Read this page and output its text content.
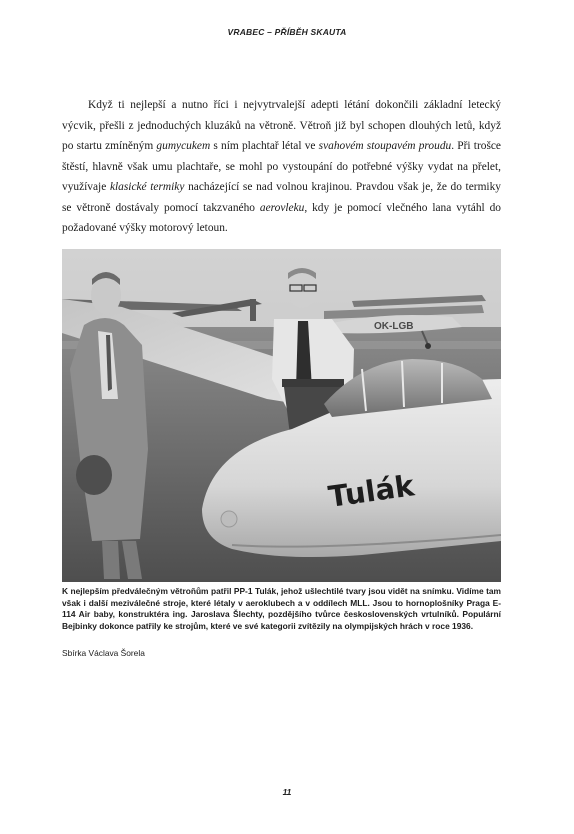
VRABEC – PŘÍBĚH SKAUTA

Když ti nejlepší a nutno říci i nejvytrvalejší adepti létání dokončili základní letecký výcvik, přešli z jednoduchých kluzáků na větroně. Větroň již byl schopen dlouhých letů, když po startu zmíněným gumycukem s ním plachtař létal ve svahovém stoupavém proudu. Při trošce štěstí, hlavně však umu plachtaře, se mohl po vystoupání do potřebné výšky vydat na přelet, využívaje klasické termiky nacházející se nad volnou krajinou. Pravdou však je, že do termiky se větroně dostávaly pomocí takzvaného aerovleku, kdy je pomocí vlečného lana vytáhl do požadované výšky motorový letoun.

OK-LGB
Tulák

K nejlepším předválečným větroňům patřil PP-1 Tulák, jehož ušlechtilé tvary jsou vidět na snímku. Vidíme tam však i další meziválečné stroje, které létaly v aeroklubech a v oddílech MLL. Jsou to hornoplošníky Praga E-114 Air baby, konstruktéra ing. Jaroslava Šlechty, pozdějšího tvůrce československých vrtulníků. Populární Bejbinky dokonce patřily ke strojům, které ve své kategorii zvítězily na olympijských hrách v roce 1936.

Sbírka Václava Šorela
11
